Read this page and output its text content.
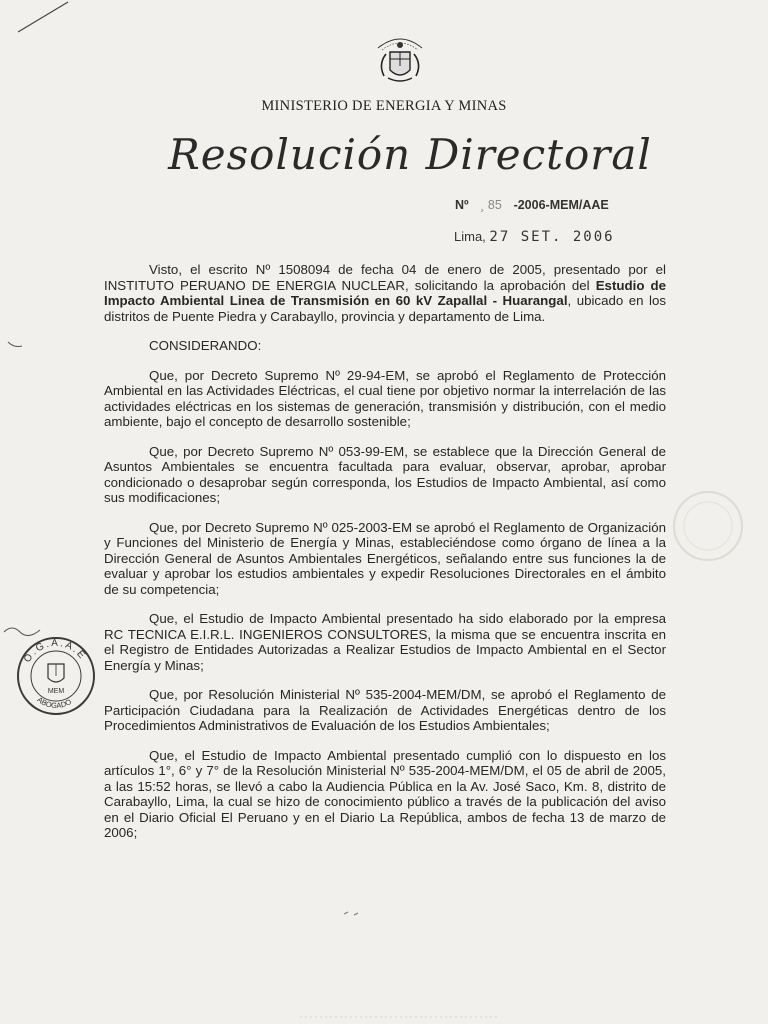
MINISTERIO DE ENERGIA Y MINAS
Resolución Directoral
Nº ¸ 85 -2006-MEM/AAE
Lima, 27 SET. 2006

Visto, el escrito Nº 1508094 de fecha 04 de enero de 2005, presentado por el INSTITUTO PERUANO DE ENERGIA NUCLEAR, solicitando la aprobación del Estudio de Impacto Ambiental Linea de Transmisión en 60 kV Zapallal - Huarangal, ubicado en los distritos de Puente Piedra y Carabayllo, provincia y departamento de Lima.

CONSIDERANDO:

Que, por Decreto Supremo Nº 29-94-EM, se aprobó el Reglamento de Protección Ambiental en las Actividades Eléctricas, el cual tiene por objetivo normar la interrelación de las actividades eléctricas en los sistemas de generación, transmisión y distribución, con el medio ambiente, bajo el concepto de desarrollo sostenible;

Que, por Decreto Supremo Nº 053-99-EM, se establece que la Dirección General de Asuntos Ambientales se encuentra facultada para evaluar, observar, aprobar, aprobar condicionado o desaprobar según corresponda, los Estudios de Impacto Ambiental, así como sus modificaciones;

Que, por Decreto Supremo Nº 025-2003-EM se aprobó el Reglamento de Organización y Funciones del Ministerio de Energía y Minas, estableciéndose como órgano de línea a la Dirección General de Asuntos Ambientales Energéticos, señalando entre sus funciones la de evaluar y aprobar los estudios ambientales y expedir Resoluciones Directorales en el ámbito de su competencia;

Que, el Estudio de Impacto Ambiental presentado ha sido elaborado por la empresa RC TECNICA E.I.R.L. INGENIEROS CONSULTORES, la misma que se encuentra inscrita en el Registro de Entidades Autorizadas a Realizar Estudios de Impacto Ambiental en el Sector Energía y Minas;

Que, por Resolución Ministerial Nº 535-2004-MEM/DM, se aprobó el Reglamento de Participación Ciudadana para la Realización de Actividades Energéticas dentro de los Procedimientos Administrativos de Evaluación de los Estudios Ambientales;

Que, el Estudio de Impacto Ambiental presentado cumplió con lo dispuesto en los artículos 1°, 6° y 7° de la Resolución Ministerial Nº 535-2004-MEM/DM, el 05 de abril de 2005, a las 15:52 horas, se llevó a cabo la Audiencia Pública en la Av. José Saco, Km. 8, distrito de Carabayllo, Lima, la cual se hizo de conocimiento público a través de la publicación del aviso en el Diario Oficial El Peruano y en el Diario La República, ambos de fecha 13 de marzo de 2006;

O.G.A.A.E
MEM
ABOGADO
